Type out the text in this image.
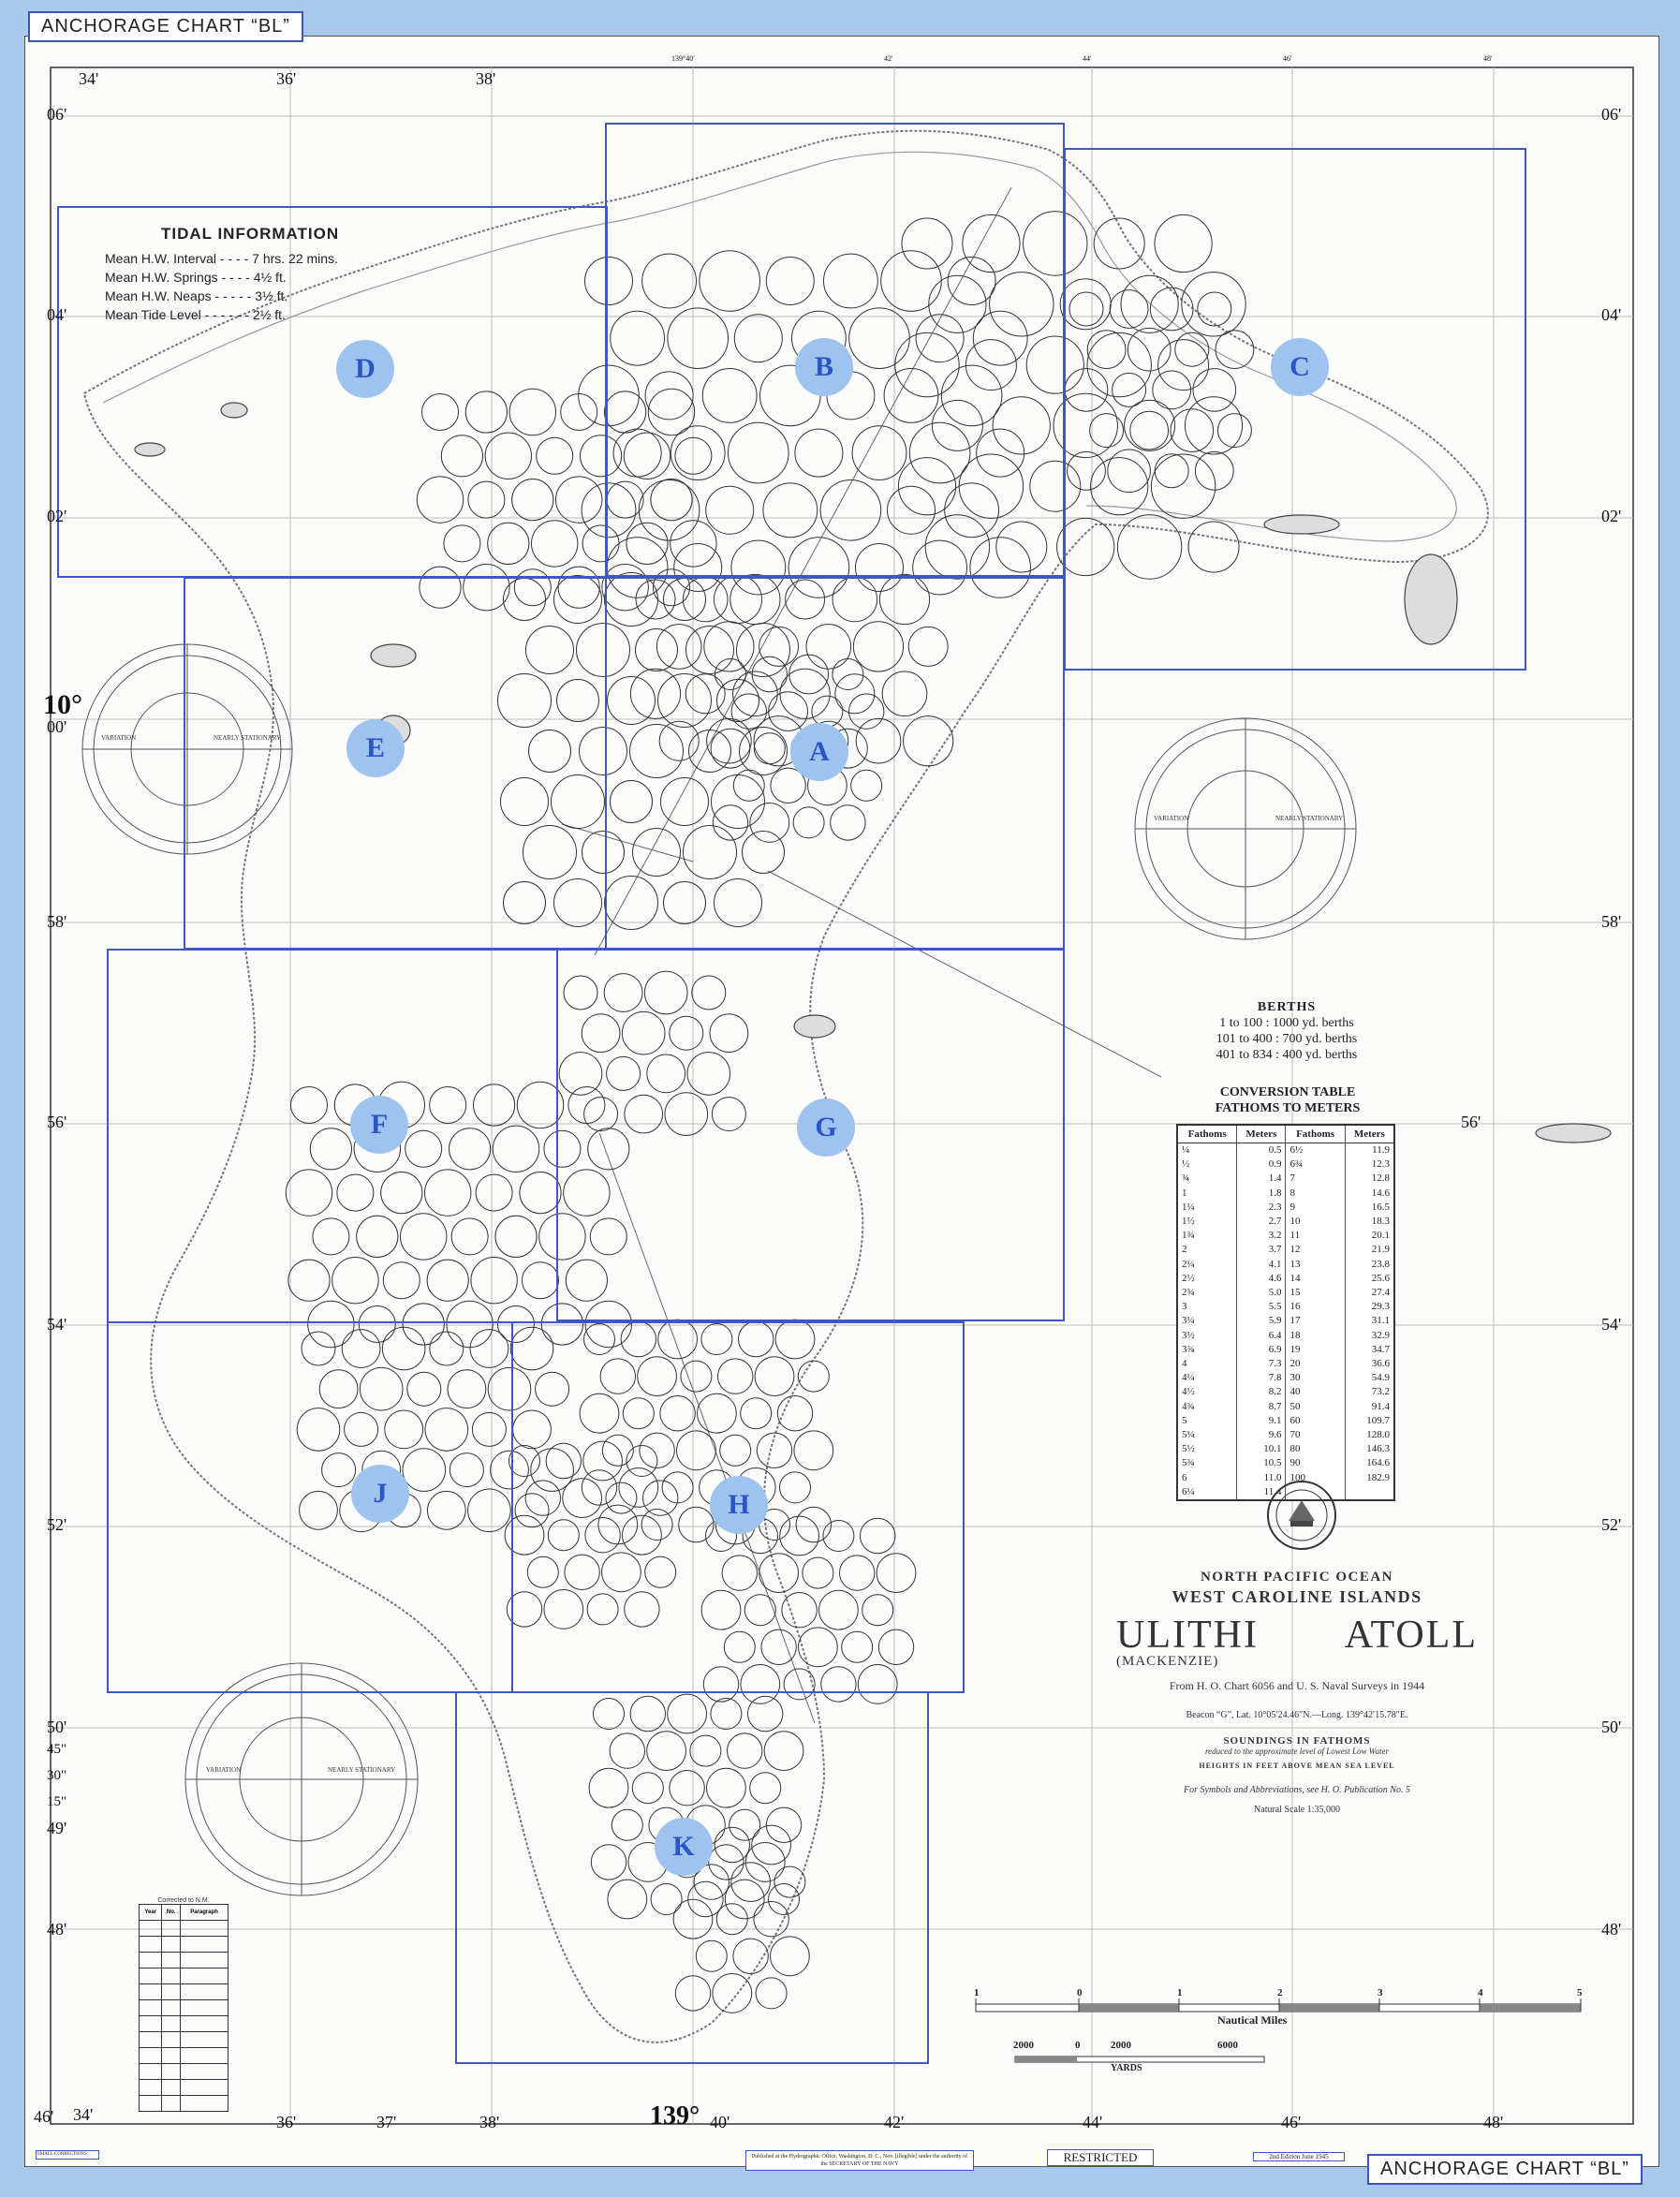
VARIATION	NEARLY STATIONARY
VARIATION	NEARLY STATIONARY
VARIATION	NEARLY STATIONARY
D	B	C
E	A
F	G
J	H
K
ANCHORAGE CHART “BL”
ANCHORAGE CHART “BL”
34'	36'	38'
139°40'	42'	44'	46'	48'
34'	36'	37'	38'	139° 40'	42'	44'	46'	48'
06'
04'
02'
10°
00'
58'
56'
54'
52'
50'
45"
30"
15"
49'
48'
46'
06'
04'
02'
58'
56'
54'
52'
50'
48'
TIDAL INFORMATION
Mean H.W. Interval - - - - 7 hrs. 22 mins.
Mean H.W. Springs - - - - 4½ ft.
Mean H.W. Neaps - - - - - 3½ ft.
Mean Tide Level - - - - - - 2½ ft.
BERTHS
1 to 100 : 1000 yd. berths
101 to 400 : 700 yd. berths
401 to 834 : 400 yd. berths
CONVERSION TABLE
FATHOMS TO METERS
Fathoms	Meters	Fathoms	Meters
¼	0.5	6½	11.9
½	0.9	6¾	12.3
¾	1.4	7	12.8
1	1.8	8	14.6
1¼	2.3	9	16.5
1½	2.7	10	18.3
1¾	3.2	11	20.1
2	3.7	12	21.9
2¼	4.1	13	23.8
2½	4.6	14	25.6
2¾	5.0	15	27.4
3	5.5	16	29.3
3¼	5.9	17	31.1
3½	6.4	18	32.9
3¾	6.9	19	34.7
4	7.3	20	36.6
4¼	7.8	30	54.9
4½	8.2	40	73.2
4¾	8.7	50	91.4
5	9.1	60	109.7
5¼	9.6	70	128.0
5½	10.1	80	146.3
5¾	10.5	90	164.6
6	11.0	100	182.9
6¼	11.4		
NORTH PACIFIC OCEAN
WEST CAROLINE ISLANDS
ULITHI ATOLL
(MACKENZIE)
From H. O. Chart 6056 and U. S. Naval Surveys in 1944
Beacon “G”, Lat. 10°05′24.46″N.—Long. 139°42′15.78″E.
SOUNDINGS IN FATHOMS
reduced to the approximate level of Lowest Low Water
HEIGHTS IN FEET ABOVE MEAN SEA LEVEL
For Symbols and Abbreviations, see H. O. Publication No. 5
Natural Scale 1:35,000
1	0	1	2	3	4	5
Nautical Miles
2000	0	2000	6000
YARDS
Corrected to N.M.
Year	No.	Paragraph

SMALL CORRECTIONS	Published at the Hydrographic Office, Washington, D. C., Nov. [illegible] under the authority of the SECRETARY OF THE NAVY	RESTRICTED	2nd Edition June 1945
